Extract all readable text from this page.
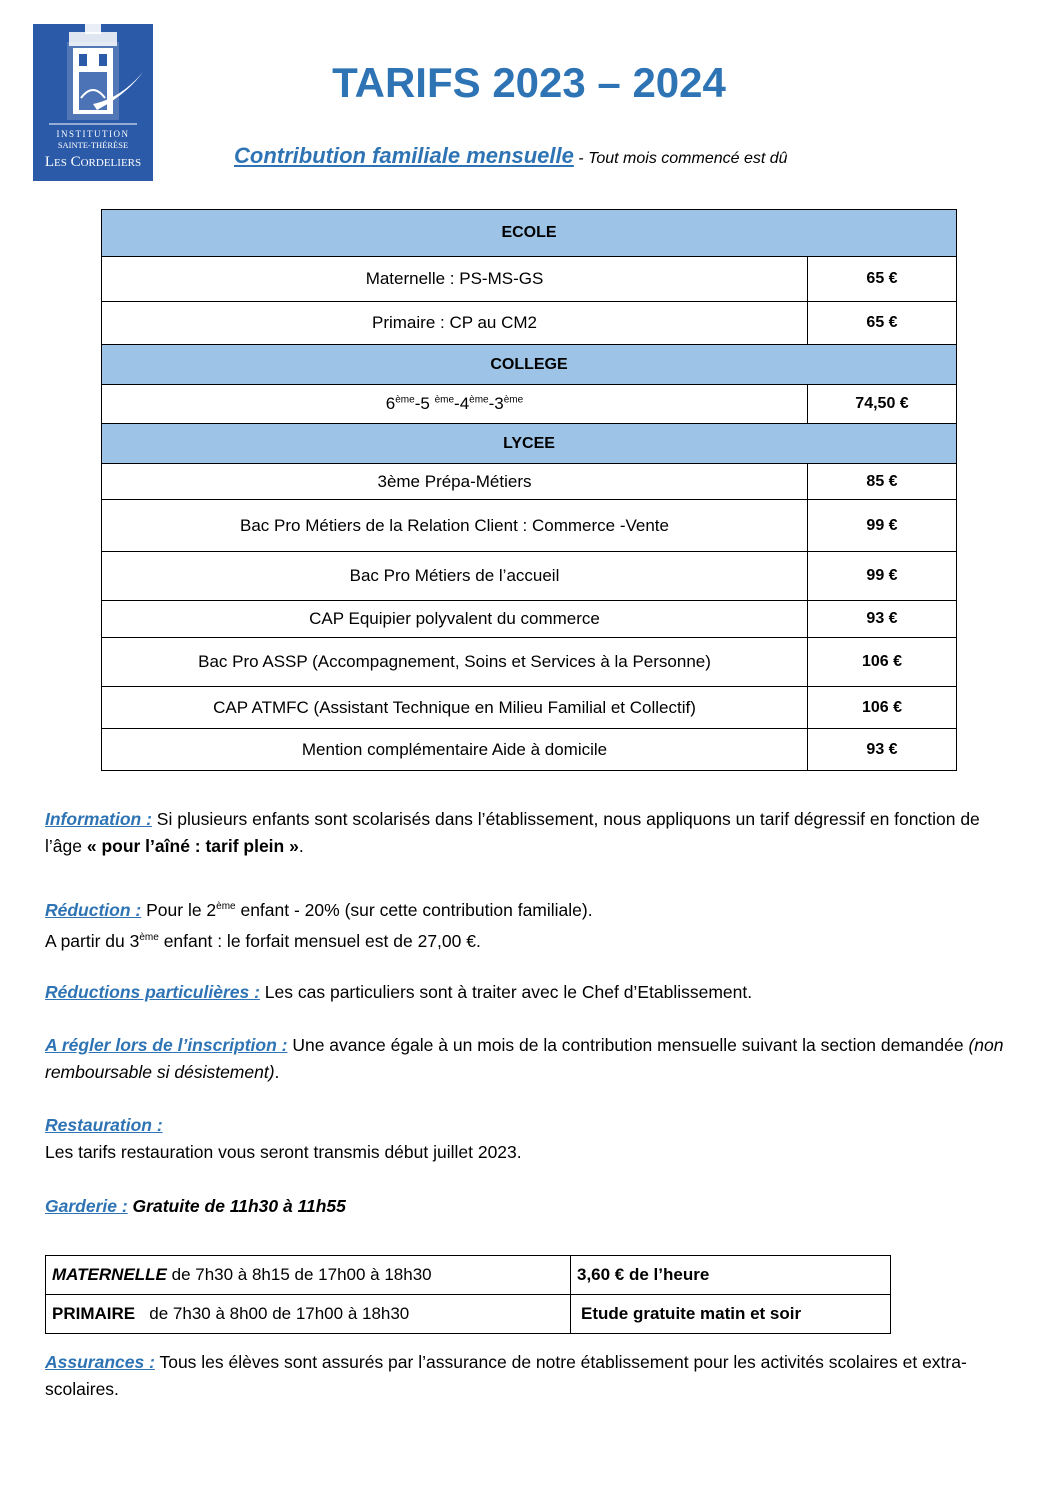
INSTITUTION
SAINTE-THÉRÈSE
Les Cordeliers
TARIFS 2023 – 2024
Contribution familiale mensuelle - Tout mois commencé est dû
ECOLE
Maternelle : PS-MS-GS	65 €
Primaire : CP au CM2	65 €
COLLEGE
6ème - 5 $^{ème}$ - 4ème - 3ème	74,50 €
LYCEE
3ème Prépa-Métiers	85 €
Bac Pro Métiers de la Relation Client : Commerce -Vente	99 €
Bac Pro Métiers de l’accueil	99 €
CAP Equipier polyvalent du commerce	93 €
Bac Pro ASSP (Accompagnement, Soins et Services à la Personne)	106 €
CAP ATMFC (Assistant Technique en Milieu Familial et Collectif)	106 €
Mention complémentaire Aide à domicile	93 €
Information : Si plusieurs enfants sont scolarisés dans l’établissement, nous appliquons un tarif dégressif en fonction de l’âge « pour l’aîné : tarif plein ».
Réduction : Pour le 2ème enfant - 20% (sur cette contribution familiale).
A partir du 3ème enfant : le forfait mensuel est de 27,00 €.
Réductions particulières : Les cas particuliers sont à traiter avec le Chef d’Etablissement.
A régler lors de l’inscription : Une avance égale à un mois de la contribution mensuelle suivant la section demandée (non remboursable si désistement).
Restauration :
Les tarifs restauration vous seront transmis début juillet 2023.
Garderie : Gratuite de 11h30 à 11h55
MATERNELLE de 7h30 à 8h15 de 17h00 à 18h30	3,60 € de l’heure
PRIMAIRE de 7h30 à 8h00 de 17h00 à 18h30	Etude gratuite matin et soir
Assurances : Tous les élèves sont assurés par l’assurance de notre établissement pour les activités scolaires et extra-scolaires.
